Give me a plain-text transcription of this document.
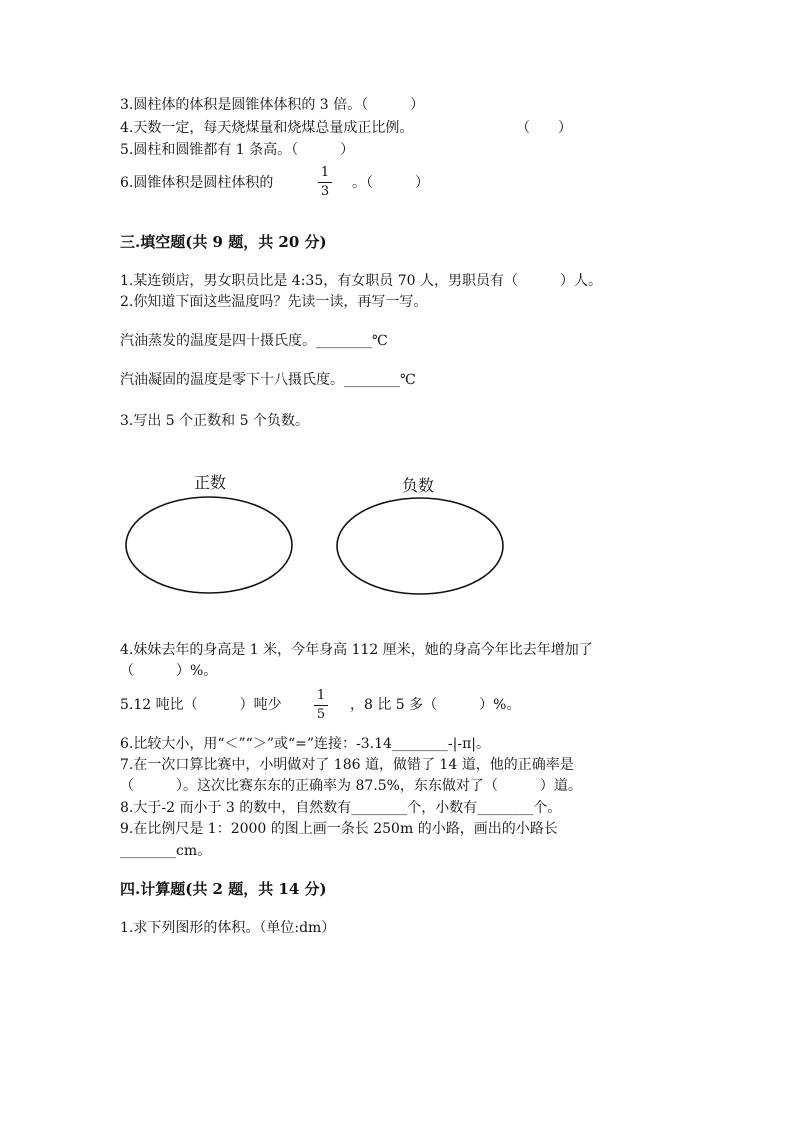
3.圆柱体的体积是圆锥体体积的 3 倍。（　　　）
4.天数一定，每天烧煤量和烧煤总量成正比例。	（　　）
5.圆柱和圆锥都有 1 条高。（　　　）
6.圆锥体积是圆柱体积的
1
3
。（　　　）
三.填空题(共 9 题，共 20 分)
1.某连锁店，男女职员比是 4:35，有女职员 70 人，男职员有（　　　）人。
2.你知道下面这些温度吗？先读一读，再写一写。
汽油蒸发的温度是四十摄氏度。________℃
汽油凝固的温度是零下十八摄氏度。________℃
3.写出 5 个正数和 5 个负数。
正数	负数
4.妹妹去年的身高是 1 米，今年身高 112 厘米，她的身高今年比去年增加了
（　　　）%。
5.12 吨比（　　　）吨少
1
5
，8 比 5 多（　　　）%。
6.比较大小，用“＜”“＞”或“=”连接：-3.14________-|-π|。
7.在一次口算比赛中，小明做对了 186 道，做错了 14 道，他的正确率是
（　　　）。这次比赛东东的正确率为 87.5%，东东做对了（　　　）道。
8.大于-2 而小于 3 的数中，自然数有________个，小数有________个。
9.在比例尺是 1：2000 的图上画一条长 250m 的小路，画出的小路长
________cm。
四.计算题(共 2 题，共 14 分)
1.求下列图形的体积。（单位:dm）
